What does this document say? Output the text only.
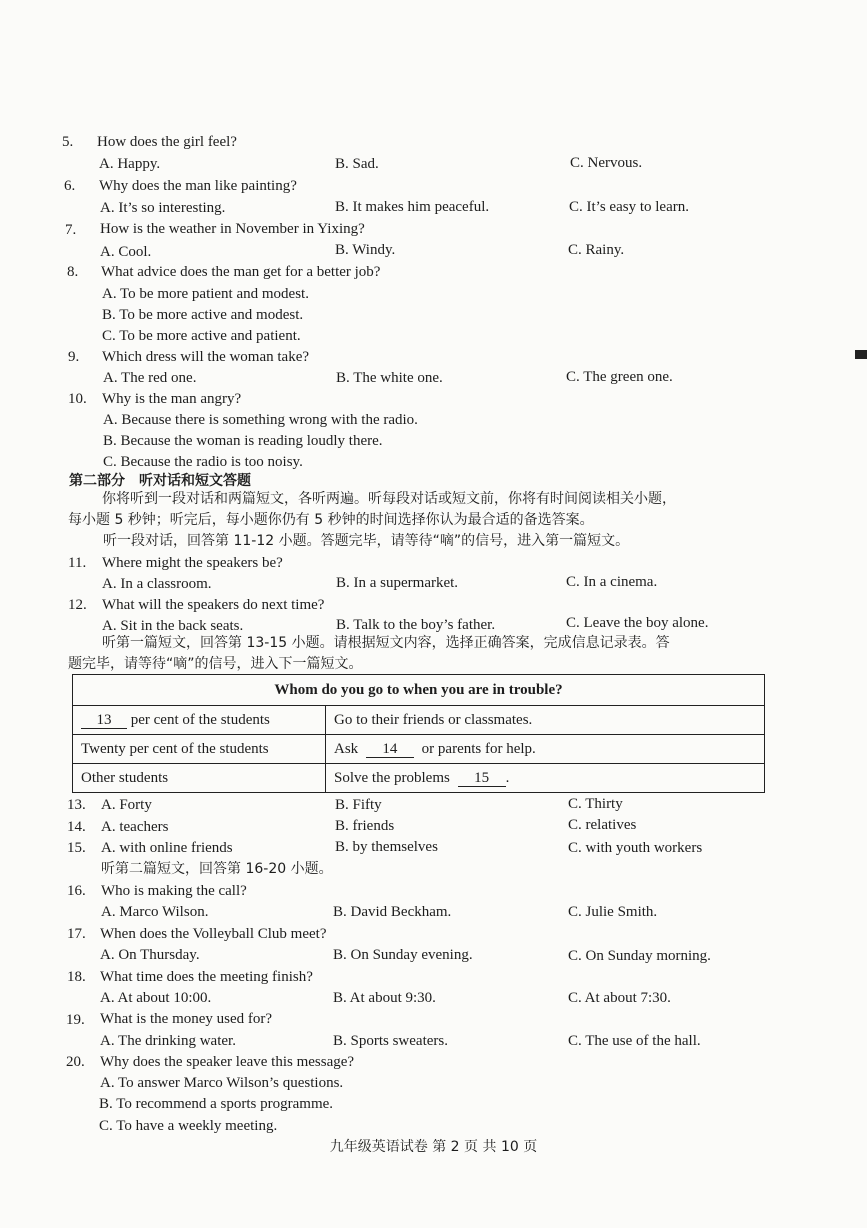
5. How does the girl feel?
A. Happy.	B. Sad.	C. Nervous.
6. Why does the man like painting?
A. It’s so interesting.	B. It makes him peaceful.	C. It’s easy to learn.
7. How is the weather in November in Yixing?
A. Cool.	B. Windy.	C. Rainy.
8. What advice does the man get for a better job?
A. To be more patient and modest.
B. To be more active and modest.
C. To be more active and patient.
9. Which dress will the woman take?
A. The red one.	B. The white one.	C. The green one.
10. Why is the man angry?
A. Because there is something wrong with the radio.
B. Because the woman is reading loudly there.
C. Because the radio is too noisy.
第二部分　听对话和短文答题
你将听到一段对话和两篇短文，各听两遍。听每段对话或短文前，你将有时间阅读相关小题，
每小题 5 秒钟；听完后，每小题你仍有 5 秒钟的时间选择你认为最合适的备选答案。
听一段对话，回答第 11-12 小题。答题完毕，请等待“嘀”的信号，进入第一篇短文。
11. Where might the speakers be?
A. In a classroom.	B. In a supermarket.	C. In a cinema.
12. What will the speakers do next time?
A. Sit in the back seats.	B. Talk to the boy’s father.	C. Leave the boy alone.
听第一篇短文，回答第 13-15 小题。请根据短文内容，选择正确答案，完成信息记录表。答
题完毕，请等待“嘀”的信号，进入下一篇短文。
Whom do you go to when you are in trouble?	
13 per cent of the students	Go to their friends or classmates.
Twenty per cent of the students	Ask 14 or parents for help.
Other students	Solve the problems 15 .
13. A. Forty	B. Fifty	C. Thirty
14. A. teachers	B. friends	C. relatives
15. A. with online friends	B. by themselves	C. with youth workers
听第二篇短文，回答第 16-20 小题。
16. Who is making the call?
A. Marco Wilson.	B. David Beckham.	C. Julie Smith.
17. When does the Volleyball Club meet?
A. On Thursday.	B. On Sunday evening.	C. On Sunday morning.
18. What time does the meeting finish?
A. At about 10:00.	B. At about 9:30.	C. At about 7:30.
19. What is the money used for?
A. The drinking water.	B. Sports sweaters.	C. The use of the hall.
20. Why does the speaker leave this message?
A. To answer Marco Wilson’s questions.
B. To recommend a sports programme.
C. To have a weekly meeting.
九年级英语试卷 第 2 页 共 10 页
